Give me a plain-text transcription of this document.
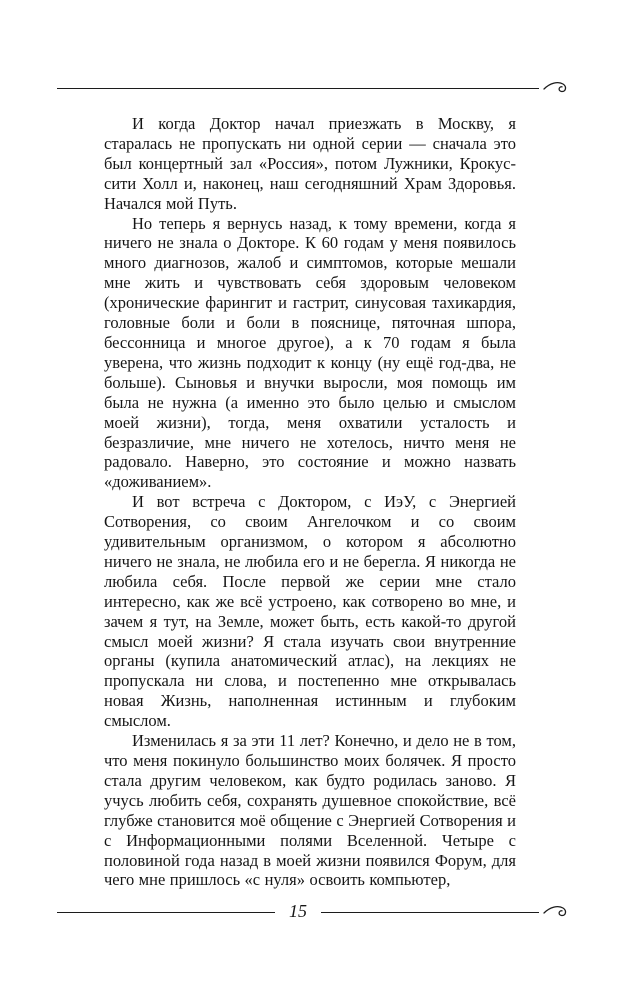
И когда Доктор начал приезжать в Москву, я старалась не пропускать ни одной серии — сначала это был концертный зал «Россия», потом Лужники, Крокус-сити Холл и, наконец, наш сегодняшний Храм Здоровья. Начался мой Путь.

Но теперь я вернусь назад, к тому времени, когда я ничего не знала о Докторе. К 60 годам у меня появилось много диагнозов, жалоб и симптомов, которые мешали мне жить и чувствовать себя здоровым человеком (хронические фарингит и гастрит, синусовая тахикардия, головные боли и боли в пояснице, пяточная шпора, бессонница и многое другое), а к 70 годам я была уверена, что жизнь подходит к концу (ну ещё год-два, не больше). Сыновья и внучки выросли, моя помощь им была не нужна (а именно это было целью и смыслом моей жизни), тогда, меня охватили усталость и безразличие, мне ничего не хотелось, ничто меня не радовало. Наверно, это состояние и можно назвать «доживанием».

И вот встреча с Доктором, с ИэУ, с Энергией Сотворения, со своим Ангелочком и со своим удивительным организмом, о котором я абсолютно ничего не знала, не любила его и не берегла. Я никогда не любила себя. После первой же серии мне стало интересно, как же всё устроено, как сотворено во мне, и зачем я тут, на Земле, может быть, есть какой-то другой смысл моей жизни? Я стала изучать свои внутренние органы (купила анатомический атлас), на лекциях не пропускала ни слова, и постепенно мне открывалась новая Жизнь, наполненная истинным и глубоким смыслом.

Изменилась я за эти 11 лет? Конечно, и дело не в том, что меня покинуло большинство моих болячек. Я просто стала другим человеком, как будто родилась заново. Я учусь любить себя, сохранять душевное спокойствие, всё глубже становится моё общение с Энергией Сотворения и с Информационными полями Вселенной. Четыре с половиной года назад в моей жизни появился Форум, для чего мне пришлось «с нуля» освоить компьютер,

15
